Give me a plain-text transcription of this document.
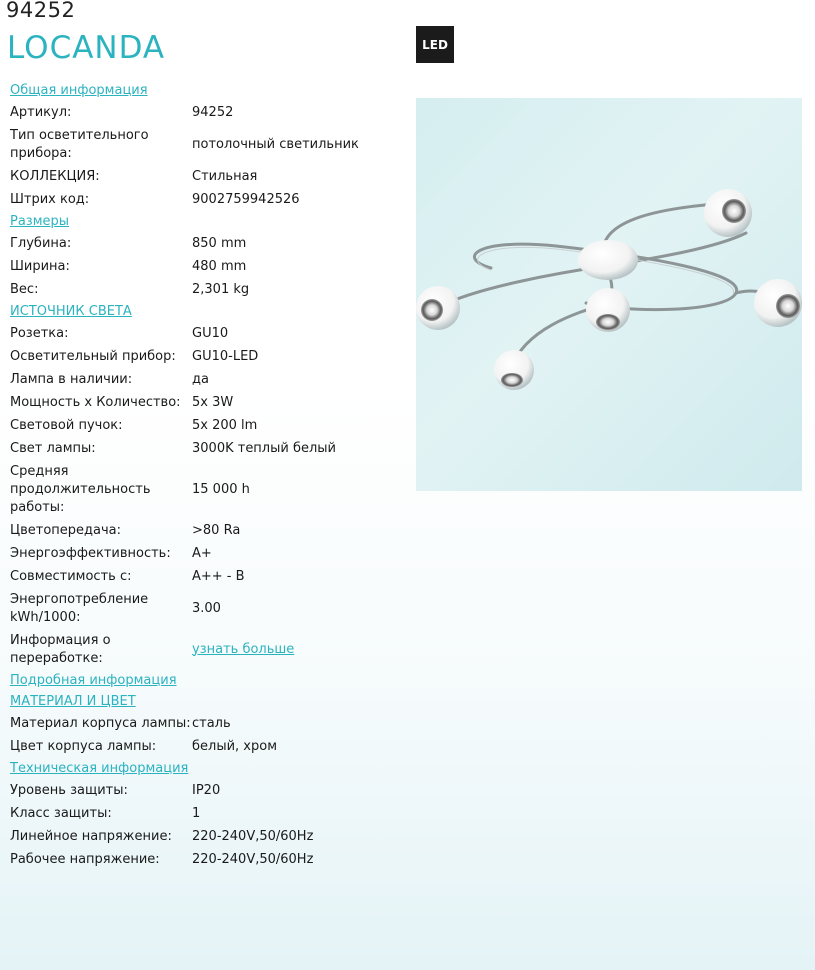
94252
LOCANDA	LED
Общая информация
Артикул:	94252
Тип осветительного прибора:
потолочный светильник
КОЛЛЕКЦИЯ:	Стильная
Штрих код:	9002759942526
Размеры
Глубина:	850 mm
Ширина:	480 mm
Вес:	2,301 kg
ИСТОЧНИК СВЕТА
Розетка:	GU10
Осветительный прибор:	GU10-LED
Лампа в наличии:	да
Мощность x Количество: 5x 3W
Световой пучок:	5x 200 lm
Свет лампы:	3000K теплый белый
Средняя продолжительность работы:
15 000 h
Цветопередача:	>80 Ra
Энергоэффективность:	A+
Совместимость с:	A++ - B
Энергопотребление kWh/1000:
3.00
Информация о переработке:
узнать больше
Подробная информация
МАТЕРИАЛ И ЦВЕТ
Материал корпуса лампы: сталь
Цвет корпуса лампы:	белый, хром
Техническая информация
Уровень защиты:	IP20
Класс защиты:	1
Линейное напряжение:	220-240V,50/60Hz
Рабочее напряжение:	220-240V,50/60Hz
